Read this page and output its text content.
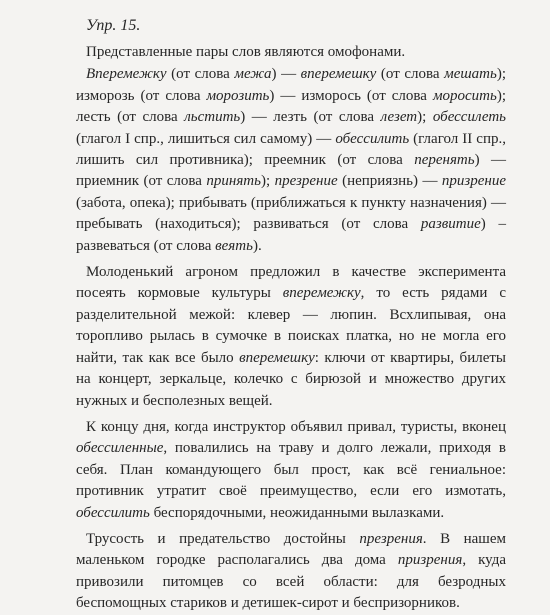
Упр. 15.

Представленные пары слов являются омофонами.

Вперемежку (от слова межа) — вперемешку (от слова мешать); изморозь (от слова морозить) — изморось (от слова моросить); лесть (от слова льстить) — лезть (от слова лезет); обессилеть (глагол I спр., лишиться сил самому) — обессилить (глагол II спр., лишить сил противника); преемник (от слова перенять) — приемник (от слова принять); презрение (неприязнь) — призрение (забота, опека); прибывать (приближаться к пункту назначения) — пребывать (находиться); развиваться (от слова развитие) – развеваться (от слова веять).

Молоденький агроном предложил в качестве эксперимента посеять кормовые культуры вперемежку, то есть рядами с разделительной межой: клевер — люпин. Всхлипывая, она торопливо рылась в сумочке в поисках платка, но не могла его найти, так как все было вперемешку: ключи от квартиры, билеты на концерт, зеркальце, колечко с бирюзой и множество других нужных и бесполезных вещей.

К концу дня, когда инструктор объявил привал, туристы, вконец обессиленные, повалились на траву и долго лежали, приходя в себя. План командующего был прост, как всё гениальное: противник утратит своё преимущество, если его измотать, обессилить беспорядочными, неожиданными вылазками.

Трусость и предательство достойны презрения. В нашем маленьком городке располагались два дома призрения, куда привозили питомцев со всей области: для безродных беспомощных стариков и детишек-сирот и беспризорников.
